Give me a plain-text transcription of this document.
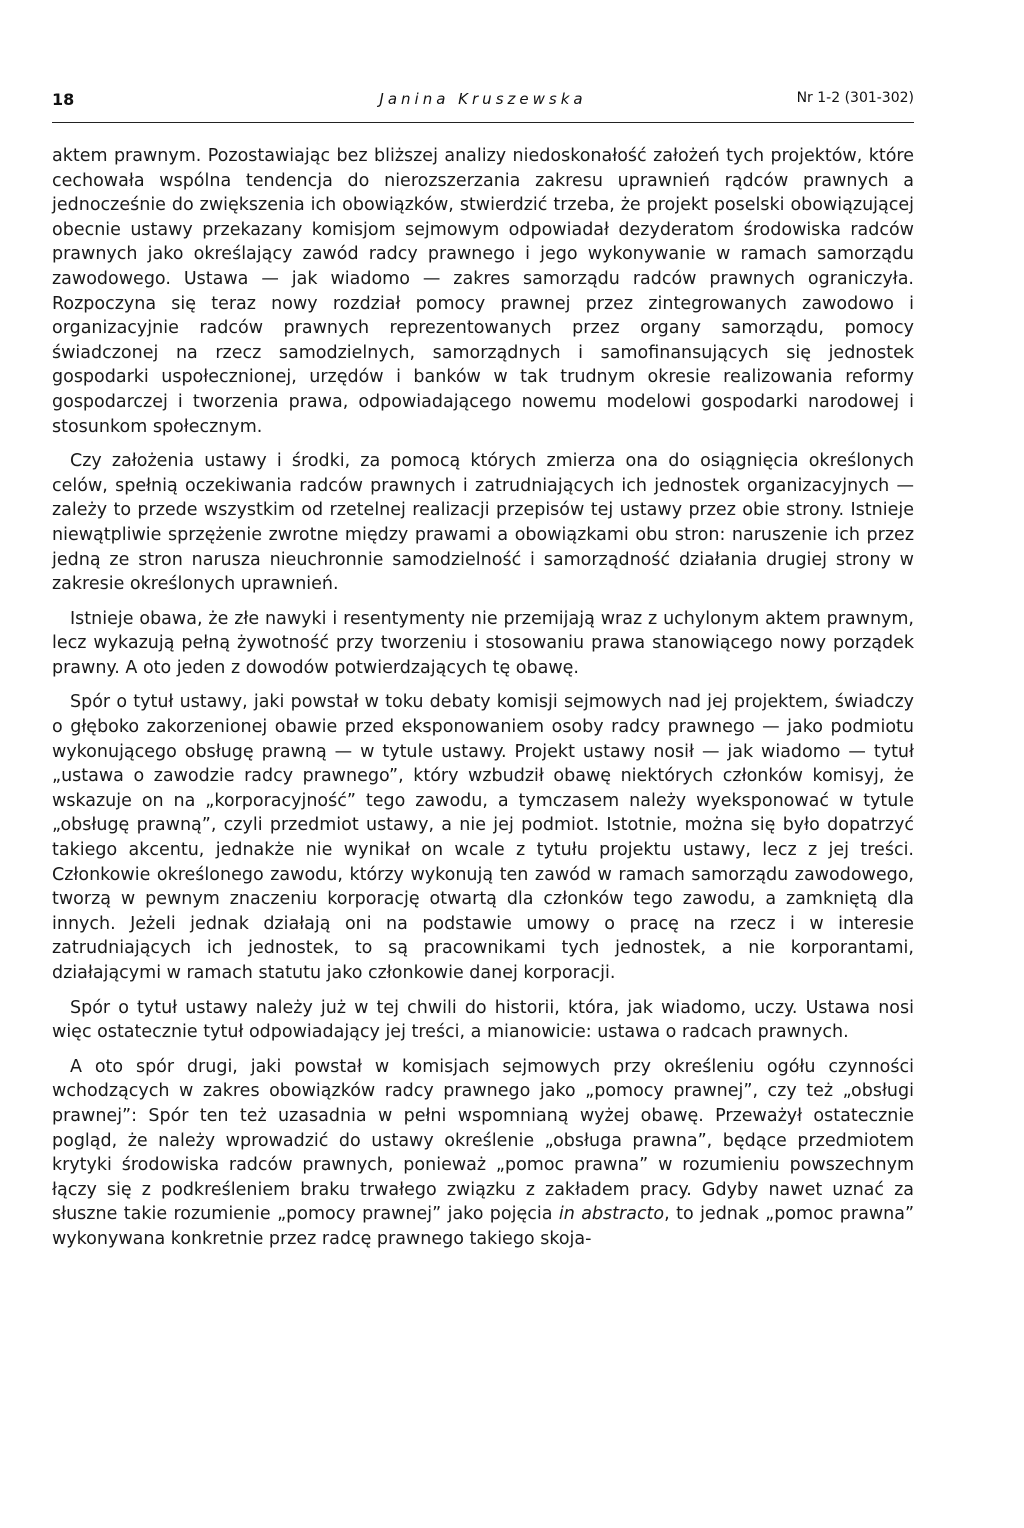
18	Janina Kruszewska	Nr 1-2 (301-302)

aktem prawnym. Pozostawiając bez bliższej analizy niedoskonałość założeń tych projektów, które cechowała wspólna tendencja do nierozszerzania zakresu uprawnień rądców prawnych a jednocześnie do zwiększenia ich obowiązków, stwierdzić trzeba, że projekt poselski obowiązującej obecnie ustawy przekazany komisjom sejmowym odpowiadał dezyderatom środowiska radców prawnych jako określający zawód radcy prawnego i jego wykonywanie w ramach samorządu zawodowego. Ustawa — jak wiadomo — zakres samorządu radców prawnych ograniczyła. Rozpoczyna się teraz nowy rozdział pomocy prawnej przez zintegrowanych zawodowo i organizacyjnie radców prawnych reprezentowanych przez organy samorządu, pomocy świadczonej na rzecz samodzielnych, samorządnych i samofinansujących się jednostek gospodarki uspołecznionej, urzędów i banków w tak trudnym okresie realizowania reformy gospodarczej i tworzenia prawa, odpowiadającego nowemu modelowi gospodarki narodowej i stosunkom społecznym.

Czy założenia ustawy i środki, za pomocą których zmierza ona do osiągnięcia określonych celów, spełnią oczekiwania radców prawnych i zatrudniających ich jednostek organizacyjnych — zależy to przede wszystkim od rzetelnej realizacji przepisów tej ustawy przez obie strony. Istnieje niewątpliwie sprzężenie zwrotne między prawami a obowiązkami obu stron: naruszenie ich przez jedną ze stron narusza nieuchronnie samodzielność i samorządność działania drugiej strony w zakresie określonych uprawnień.

Istnieje obawa, że złe nawyki i resentymenty nie przemijają wraz z uchylonym aktem prawnym, lecz wykazują pełną żywotność przy tworzeniu i stosowaniu prawa stanowiącego nowy porządek prawny. A oto jeden z dowodów potwierdzających tę obawę.

Spór o tytuł ustawy, jaki powstał w toku debaty komisji sejmowych nad jej projektem, świadczy o głęboko zakorzenionej obawie przed eksponowaniem osoby radcy prawnego — jako podmiotu wykonującego obsługę prawną — w tytule ustawy. Projekt ustawy nosił — jak wiadomo — tytuł „ustawa o zawodzie radcy prawnego”, który wzbudził obawę niektórych członków komisyj, że wskazuje on na „korporacyjność” tego zawodu, a tymczasem należy wyeksponować w tytule „obsługę prawną”, czyli przedmiot ustawy, a nie jej podmiot. Istotnie, można się było dopatrzyć takiego akcentu, jednakże nie wynikał on wcale z tytułu projektu ustawy, lecz z jej treści. Członkowie określonego zawodu, którzy wykonują ten zawód w ramach samorządu zawodowego, tworzą w pewnym znaczeniu korporację otwartą dla członków tego zawodu, a zamkniętą dla innych. Jeżeli jednak działają oni na podstawie umowy o pracę na rzecz i w interesie zatrudniających ich jednostek, to są pracownikami tych jednostek, a nie korporantami, działającymi w ramach statutu jako członkowie danej korporacji.

Spór o tytuł ustawy należy już w tej chwili do historii, która, jak wiadomo, uczy. Ustawa nosi więc ostatecznie tytuł odpowiadający jej treści, a mianowicie: ustawa o radcach prawnych.

A oto spór drugi, jaki powstał w komisjach sejmowych przy określeniu ogółu czynności wchodzących w zakres obowiązków radcy prawnego jako „pomocy prawnej”, czy też „obsługi prawnej”: Spór ten też uzasadnia w pełni wspomnianą wyżej obawę. Przeważył ostatecznie pogląd, że należy wprowadzić do ustawy określenie „obsługa prawna”, będące przedmiotem krytyki środowiska radców prawnych, ponieważ „pomoc prawna” w rozumieniu powszechnym łączy się z podkreśleniem braku trwałego związku z zakładem pracy. Gdyby nawet uznać za słuszne takie rozumienie „pomocy prawnej” jako pojęcia in abstracto, to jednak „pomoc prawna” wykonywana konkretnie przez radcę prawnego takiego skoja-
